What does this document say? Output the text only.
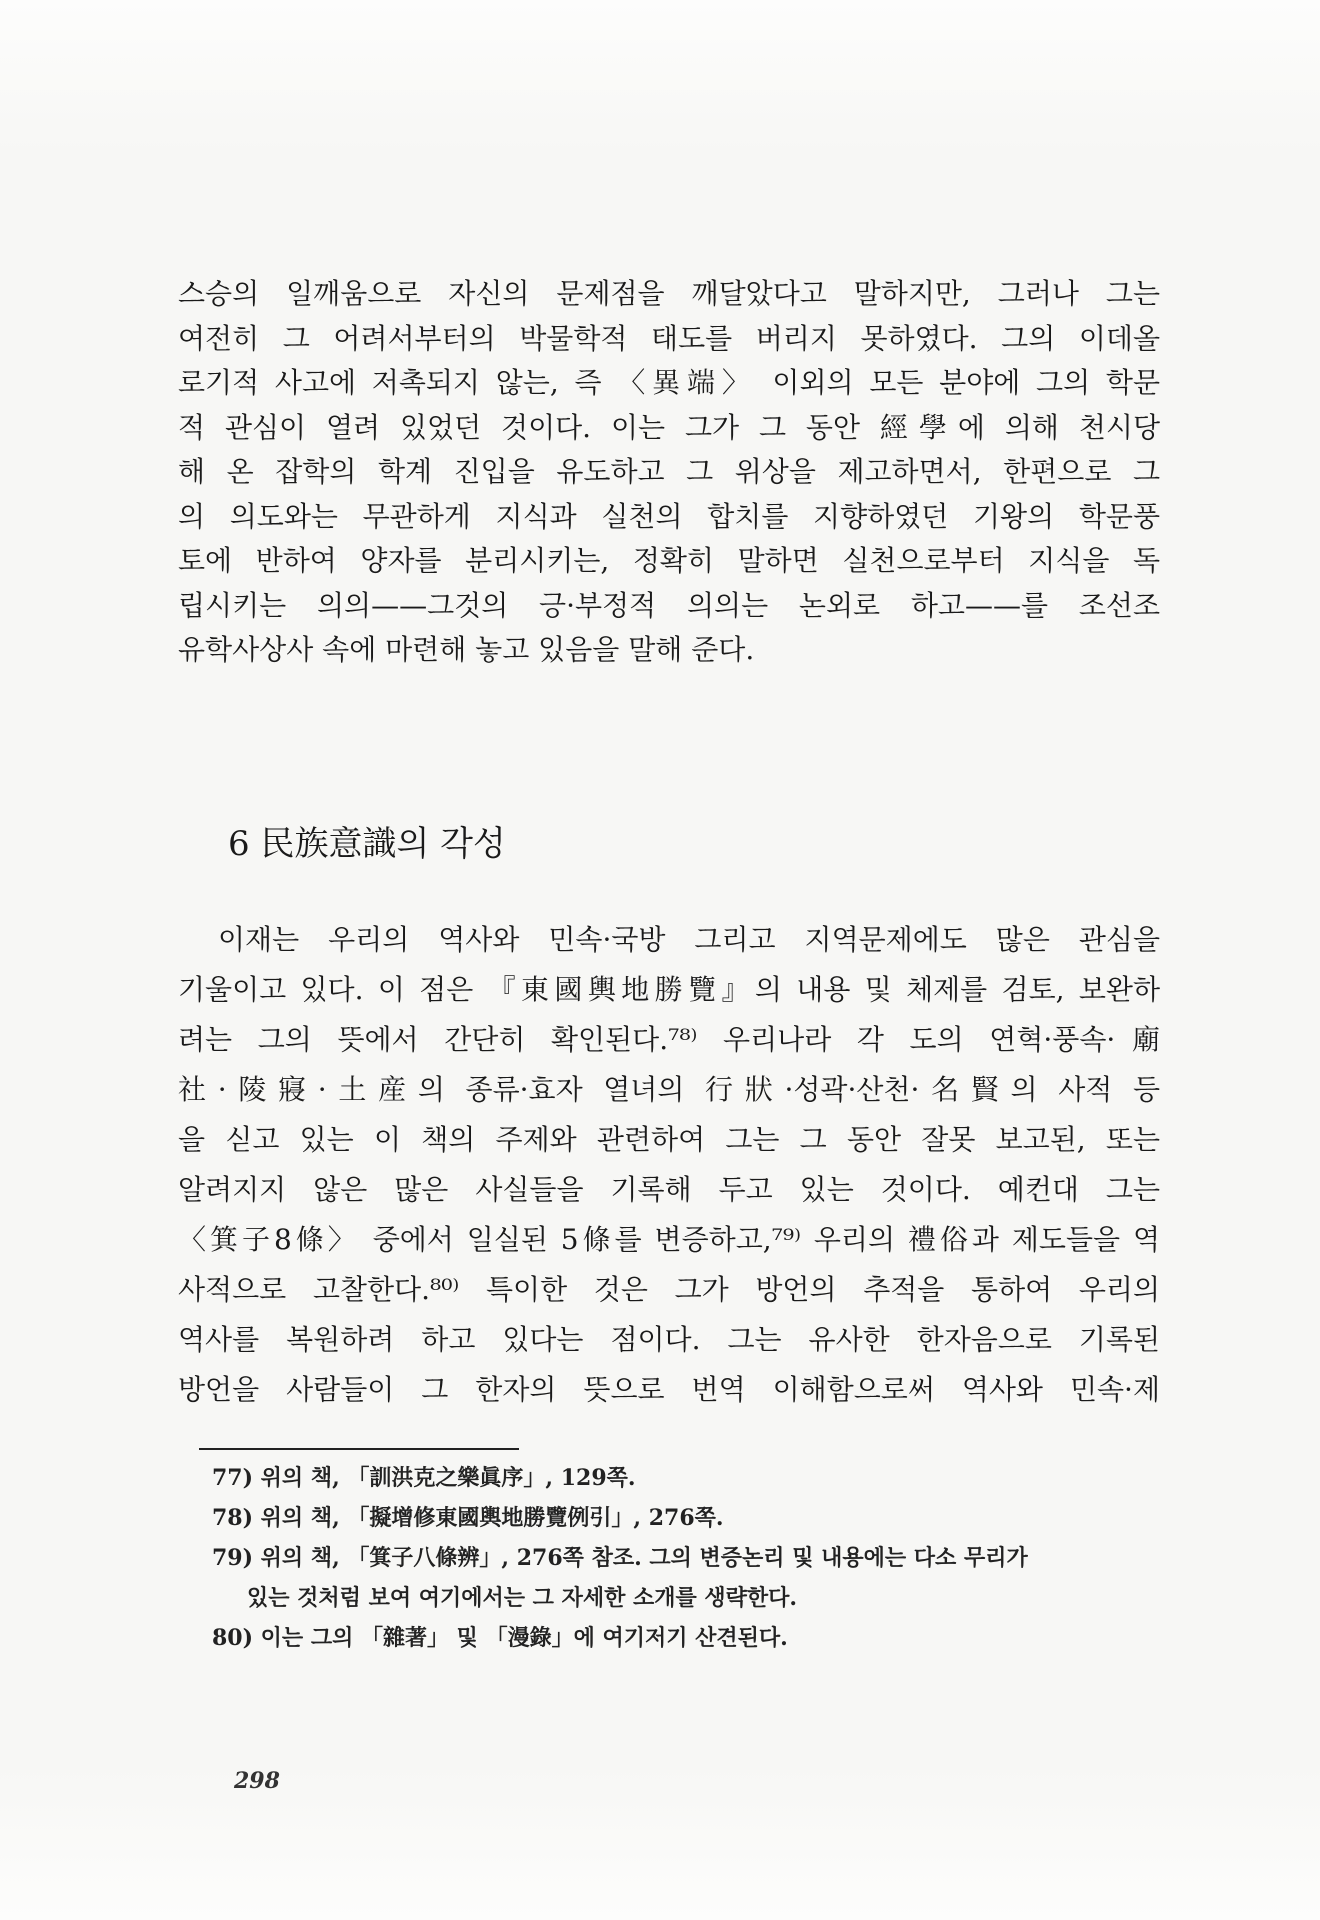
스승의 일깨움으로 자신의 문제점을 깨달았다고 말하지만, 그러나 그는
여전히 그 어려서부터의 박물학적 태도를 버리지 못하였다. 그의 이데올
로기적 사고에 저촉되지 않는, 즉 〈異端〉 이외의 모든 분야에 그의 학문
적 관심이 열려 있었던 것이다. 이는 그가 그 동안 經學에 의해 천시당
해 온 잡학의 학계 진입을 유도하고 그 위상을 제고하면서, 한편으로 그
의 의도와는 무관하게 지식과 실천의 합치를 지향하였던 기왕의 학문풍
토에 반하여 양자를 분리시키는, 정확히 말하면 실천으로부터 지식을 독
립시키는 의의——그것의 긍·부정적 의의는 논외로 하고——를 조선조
유학사상사 속에 마련해 놓고 있음을 말해 준다.
6 民族意識의 각성
이재는 우리의 역사와 민속·국방 그리고 지역문제에도 많은 관심을
기울이고 있다. 이 점은 『東國輿地勝覽』의 내용 및 체제를 검토, 보완하
려는 그의 뜻에서 간단히 확인된다.⁷⁸⁾ 우리나라 각 도의 연혁·풍속·廟
社·陵寢·土産의 종류·효자 열녀의 行狀·성곽·산천·名賢의 사적 등
을 싣고 있는 이 책의 주제와 관련하여 그는 그 동안 잘못 보고된, 또는
알려지지 않은 많은 사실들을 기록해 두고 있는 것이다. 예컨대 그는
〈箕子8條〉 중에서 일실된 5條를 변증하고,⁷⁹⁾ 우리의 禮俗과 제도들을 역
사적으로 고찰한다.⁸⁰⁾ 특이한 것은 그가 방언의 추적을 통하여 우리의
역사를 복원하려 하고 있다는 점이다. 그는 유사한 한자음으로 기록된
방언을 사람들이 그 한자의 뜻으로 번역 이해함으로써 역사와 민속·제
77) 위의 책, 「訓洪克之樂眞序」, 129쪽.
78) 위의 책, 「擬增修東國輿地勝覽例引」, 276쪽.
79) 위의 책, 「箕子八條辨」, 276쪽 참조. 그의 변증논리 및 내용에는 다소 무리가
있는 것처럼 보여 여기에서는 그 자세한 소개를 생략한다.
80) 이는 그의 「雜著」 및 「漫錄」에 여기저기 산견된다.
298
